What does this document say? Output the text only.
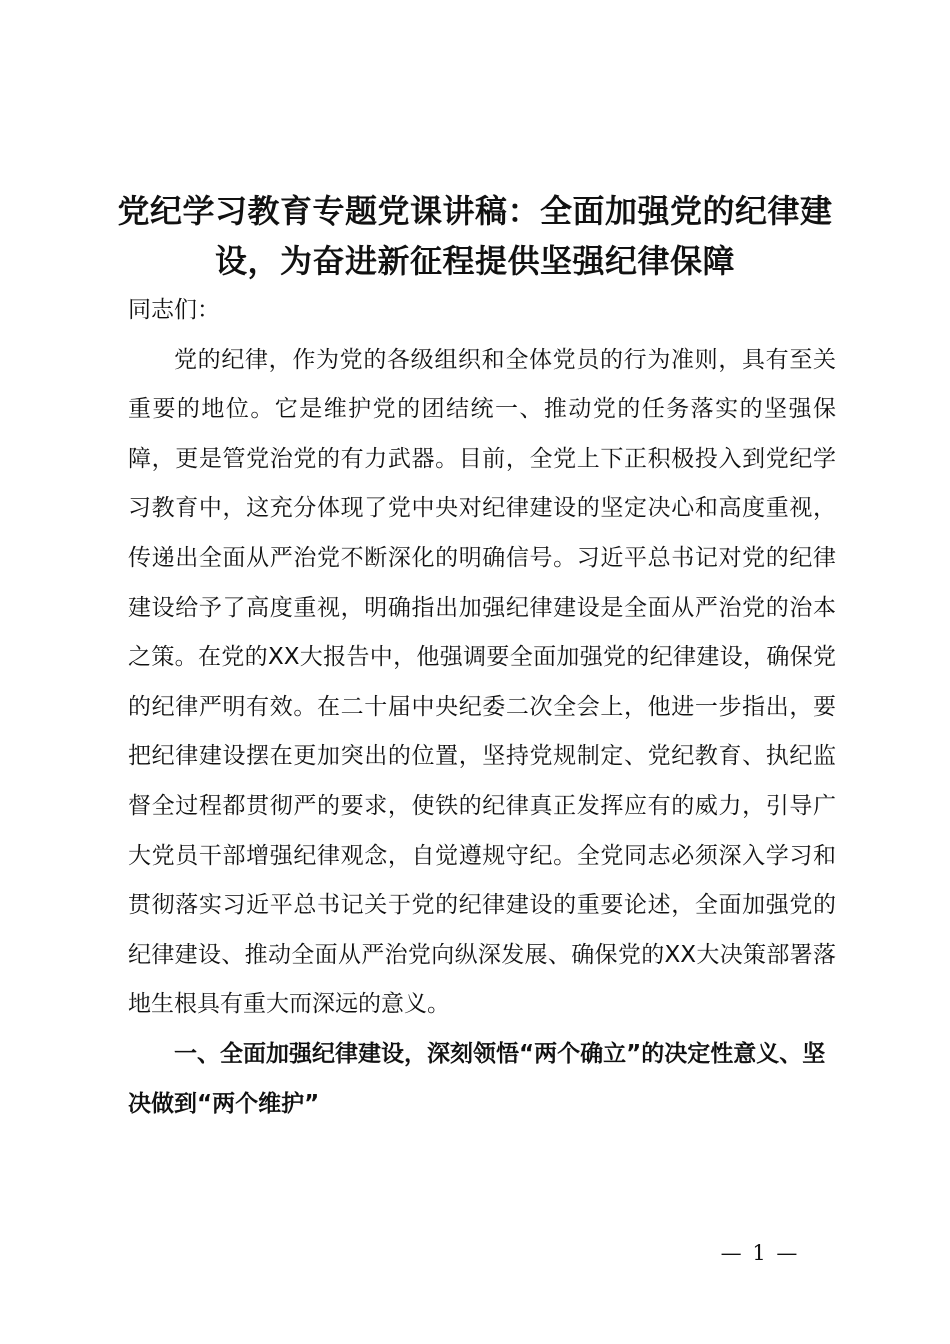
党纪学习教育专题党课讲稿：全面加强党的纪律建设，为奋进新征程提供坚强纪律保障

同志们：

党的纪律，作为党的各级组织和全体党员的行为准则，具有至关重要的地位。它是维护党的团结统一、推动党的任务落实的坚强保障，更是管党治党的有力武器。目前，全党上下正积极投入到党纪学习教育中，这充分体现了党中央对纪律建设的坚定决心和高度重视，传递出全面从严治党不断深化的明确信号。习近平总书记对党的纪律建设给予了高度重视，明确指出加强纪律建设是全面从严治党的治本之策。在党的XX大报告中，他强调要全面加强党的纪律建设，确保党的纪律严明有效。在二十届中央纪委二次全会上，他进一步指出，要把纪律建设摆在更加突出的位置，坚持党规制定、党纪教育、执纪监督全过程都贯彻严的要求，使铁的纪律真正发挥应有的威力，引导广大党员干部增强纪律观念，自觉遵规守纪。全党同志必须深入学习和贯彻落实习近平总书记关于党的纪律建设的重要论述，全面加强党的纪律建设、推动全面从严治党向纵深发展、确保党的XX大决策部署落地生根具有重大而深远的意义。

一、全面加强纪律建设，深刻领悟“两个确立”的决定性意义、坚决做到“两个维护”

— 1 —
